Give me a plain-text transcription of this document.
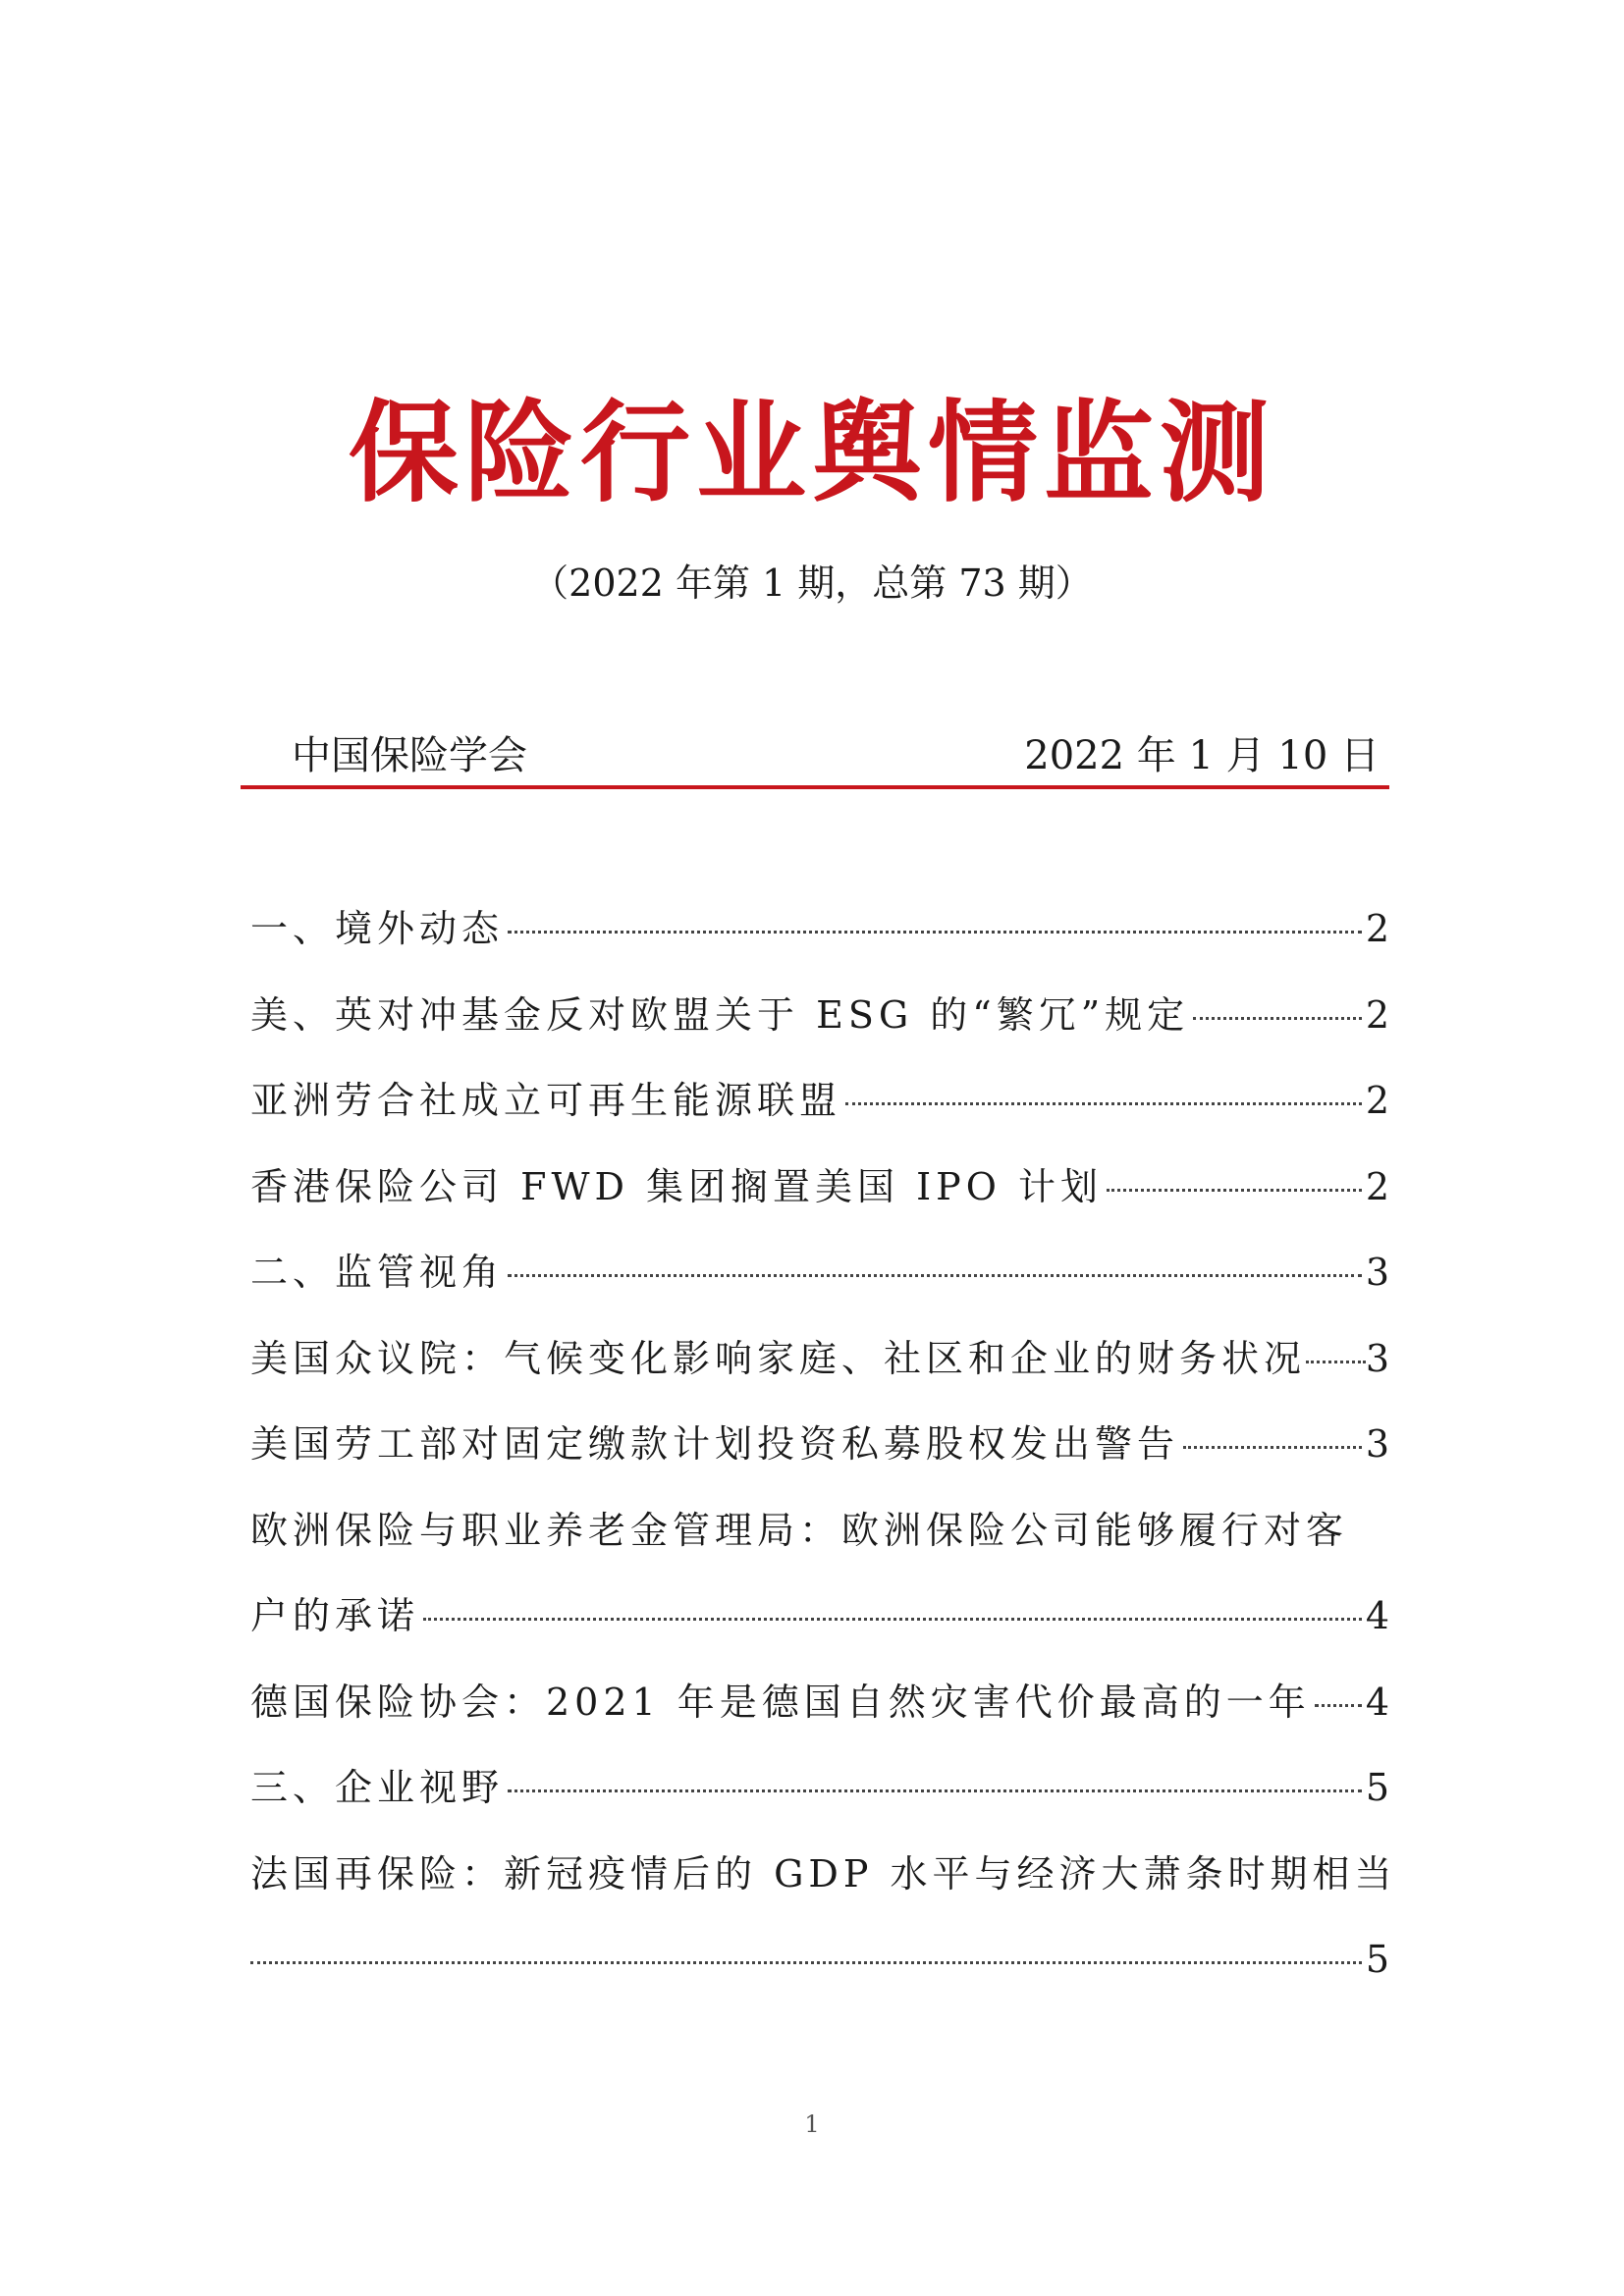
保险行业舆情监测
（2022 年第 1 期，总第 73 期）
中国保险学会	2022 年 1 月 10 日
一、境外动态	2
美、英对冲基金反对欧盟关于 ESG 的“繁冗”规定	2
亚洲劳合社成立可再生能源联盟	2
香港保险公司 FWD 集团搁置美国 IPO 计划	2
二、监管视角	3
美国众议院：气候变化影响家庭、社区和企业的财务状况 3
美国劳工部对固定缴款计划投资私募股权发出警告	3
欧洲保险与职业养老金管理局：欧洲保险公司能够履行对客
户的承诺	4
德国保险协会：2021 年是德国自然灾害代价最高的一年 4
三、企业视野	5
法国再保险：新冠疫情后的 GDP 水平与经济大萧条时期相当
5
1
